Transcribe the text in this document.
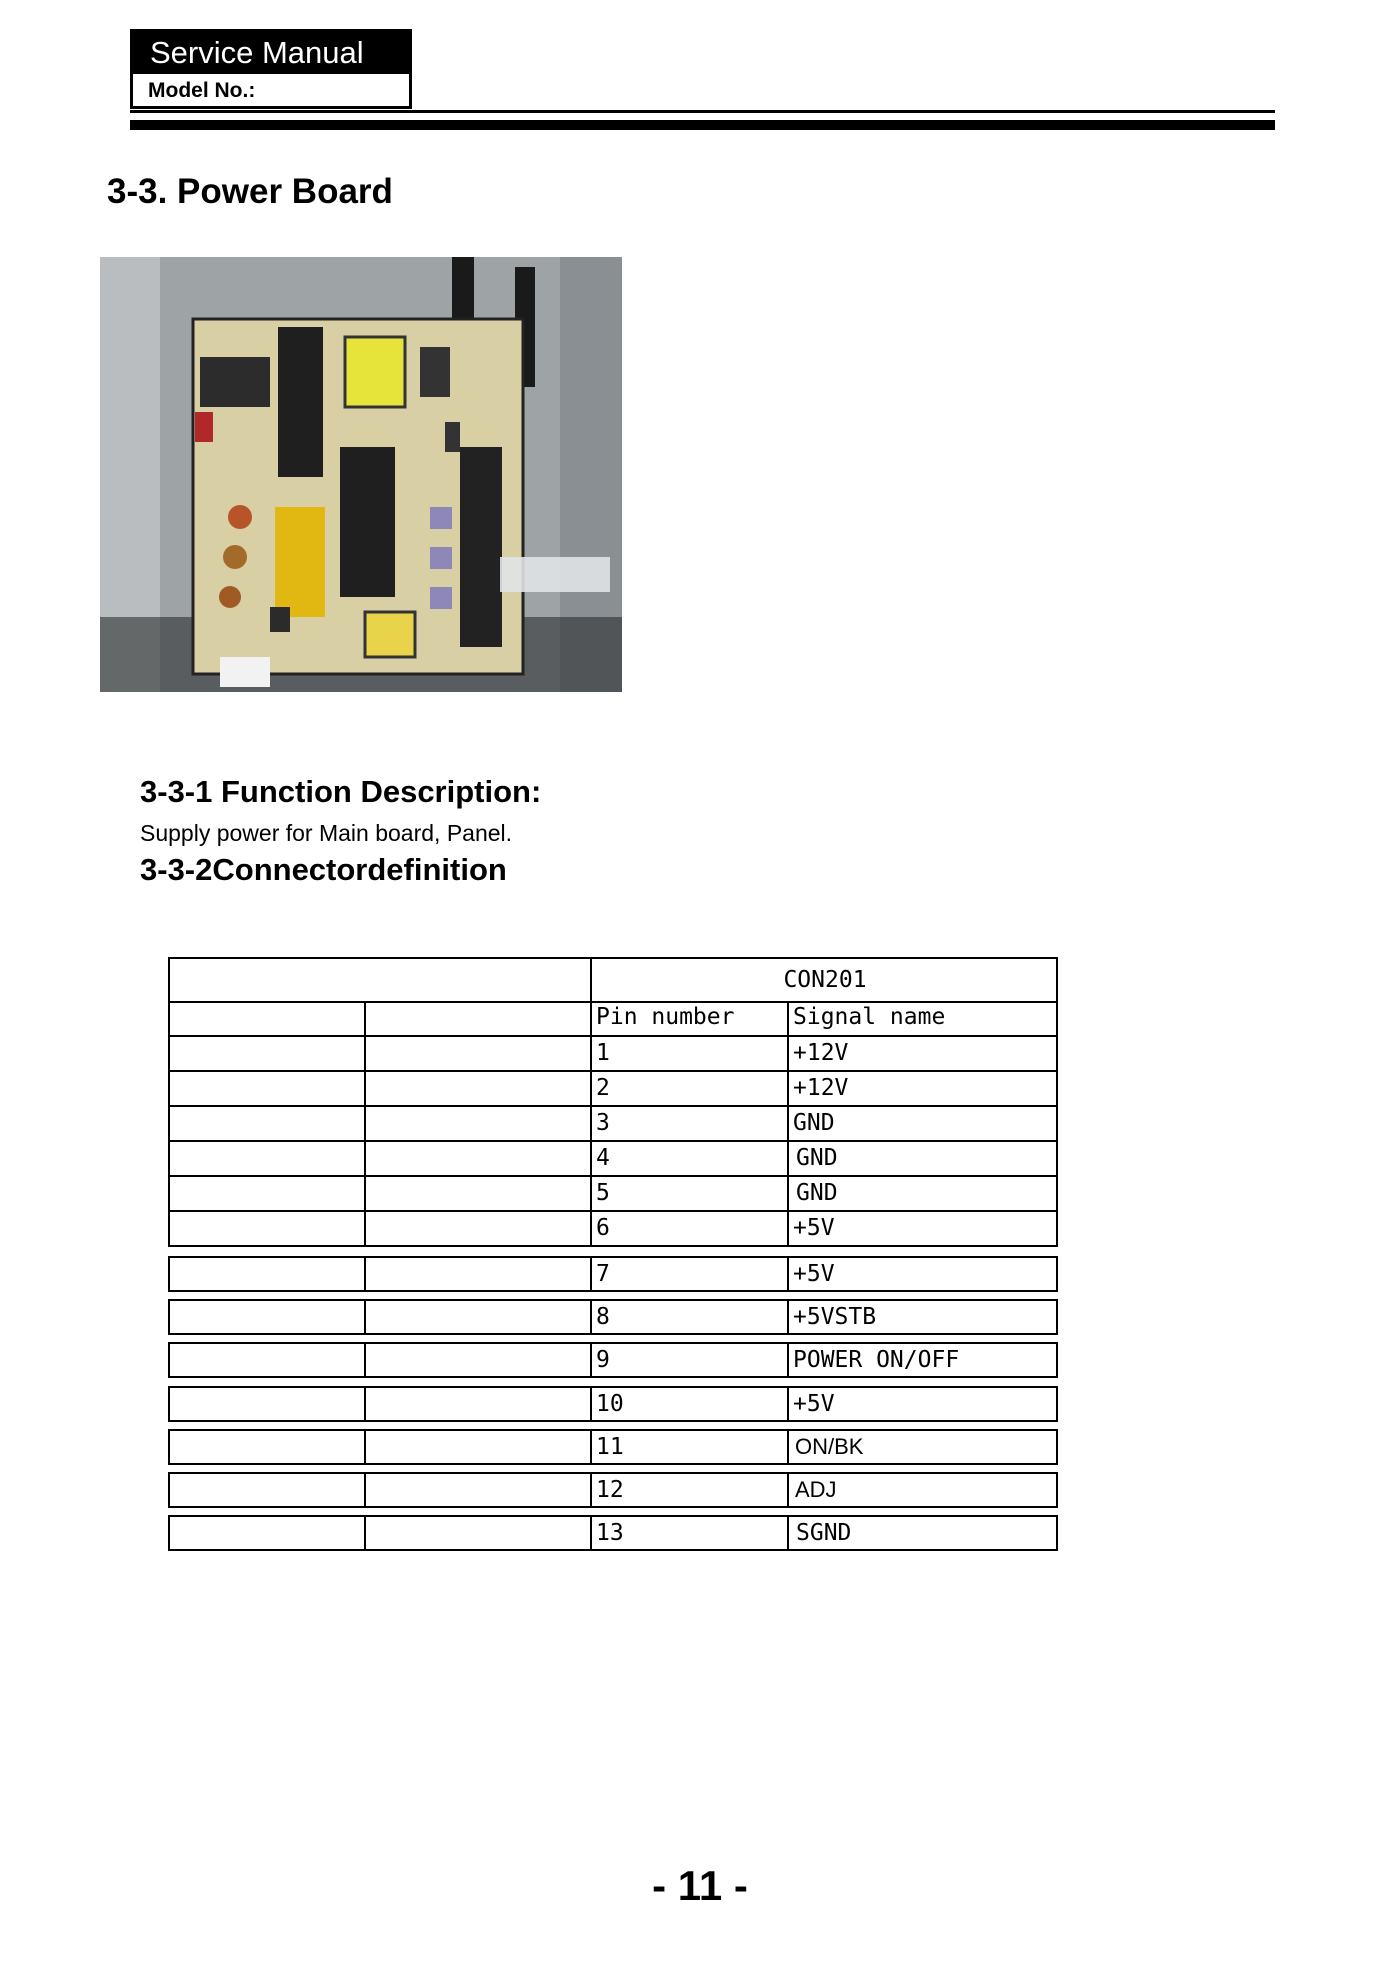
Service Manual
Model No.:
3-3. Power Board
3-3-1 Function Description:
Supply power for Main board, Panel.
3-3-2Connectordefinition
CON201
Pin number	Signal name
1	+12V
2	+12V
3	GND
4	GND
5	GND
6	+5V
7	+5V
8	+5VSTB
9	POWER ON/OFF
10	+5V
11	ON/BK
12	ADJ
13	SGND
- 11 -
